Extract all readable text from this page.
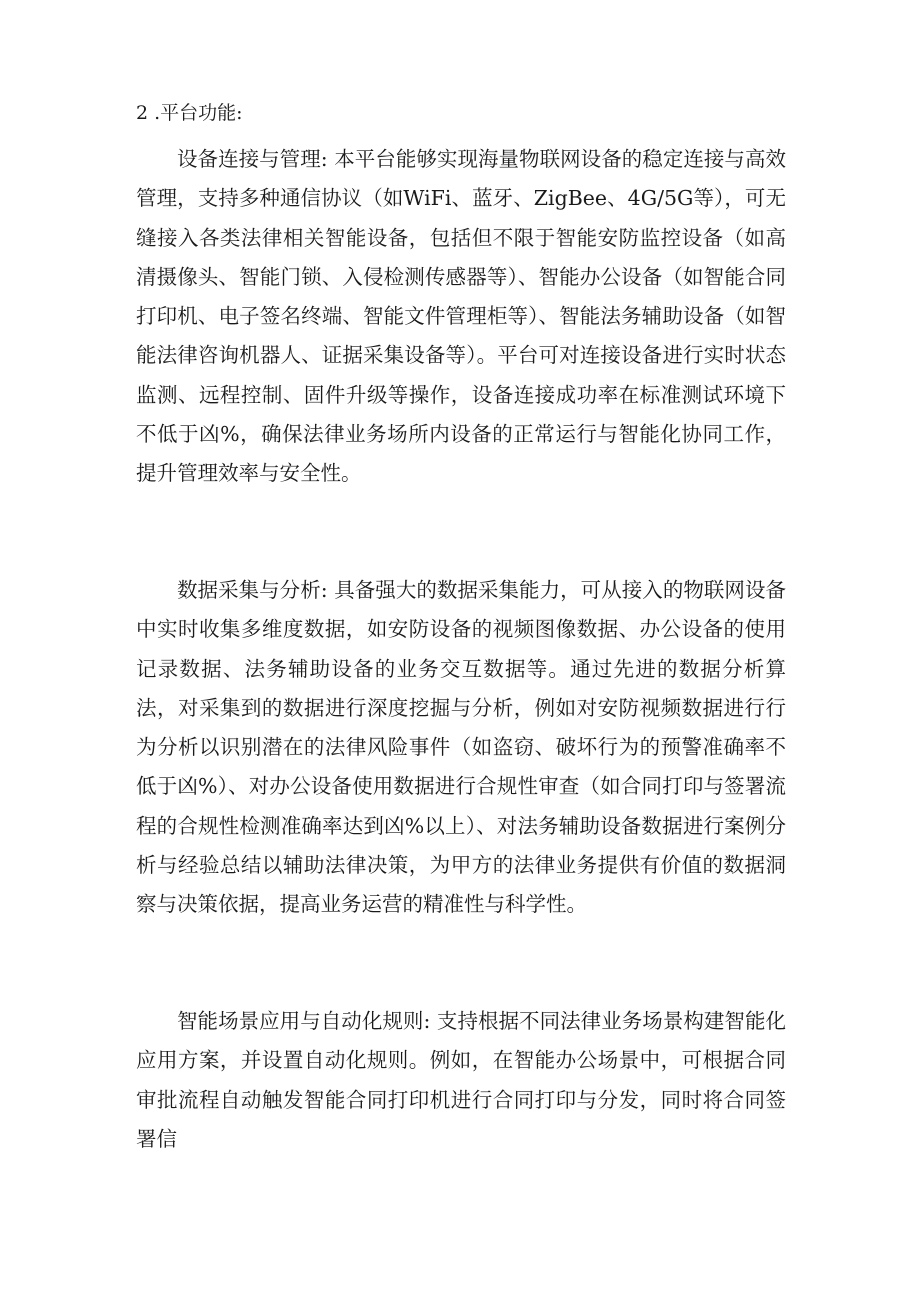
2 .平台功能:

设备连接与管理: 本平台能够实现海量物联网设备的稳定连接与高效管理，支持多种通信协议（如WiFi、蓝牙、ZigBee、4G/5G等），可无缝接入各类法律相关智能设备，包括但不限于智能安防监控设备（如高清摄像头、智能门锁、入侵检测传感器等）、智能办公设备（如智能合同打印机、电子签名终端、智能文件管理柜等）、智能法务辅助设备（如智能法律咨询机器人、证据采集设备等）。平台可对连接设备进行实时状态监测、远程控制、固件升级等操作，设备连接成功率在标准测试环境下不低于凶%，确保法律业务场所内设备的正常运行与智能化协同工作，提升管理效率与安全性。

数据采集与分析: 具备强大的数据采集能力，可从接入的物联网设备中实时收集多维度数据，如安防设备的视频图像数据、办公设备的使用记录数据、法务辅助设备的业务交互数据等。通过先进的数据分析算法，对采集到的数据进行深度挖掘与分析，例如对安防视频数据进行行为分析以识别潜在的法律风险事件（如盗窃、破坏行为的预警准确率不低于凶%）、对办公设备使用数据进行合规性审查（如合同打印与签署流程的合规性检测准确率达到凶%以上）、对法务辅助设备数据进行案例分析与经验总结以辅助法律决策，为甲方的法律业务提供有价值的数据洞察与决策依据，提高业务运营的精准性与科学性。

智能场景应用与自动化规则: 支持根据不同法律业务场景构建智能化应用方案，并设置自动化规则。例如，在智能办公场景中，可根据合同审批流程自动触发智能合同打印机进行合同打印与分发，同时将合同签署信
